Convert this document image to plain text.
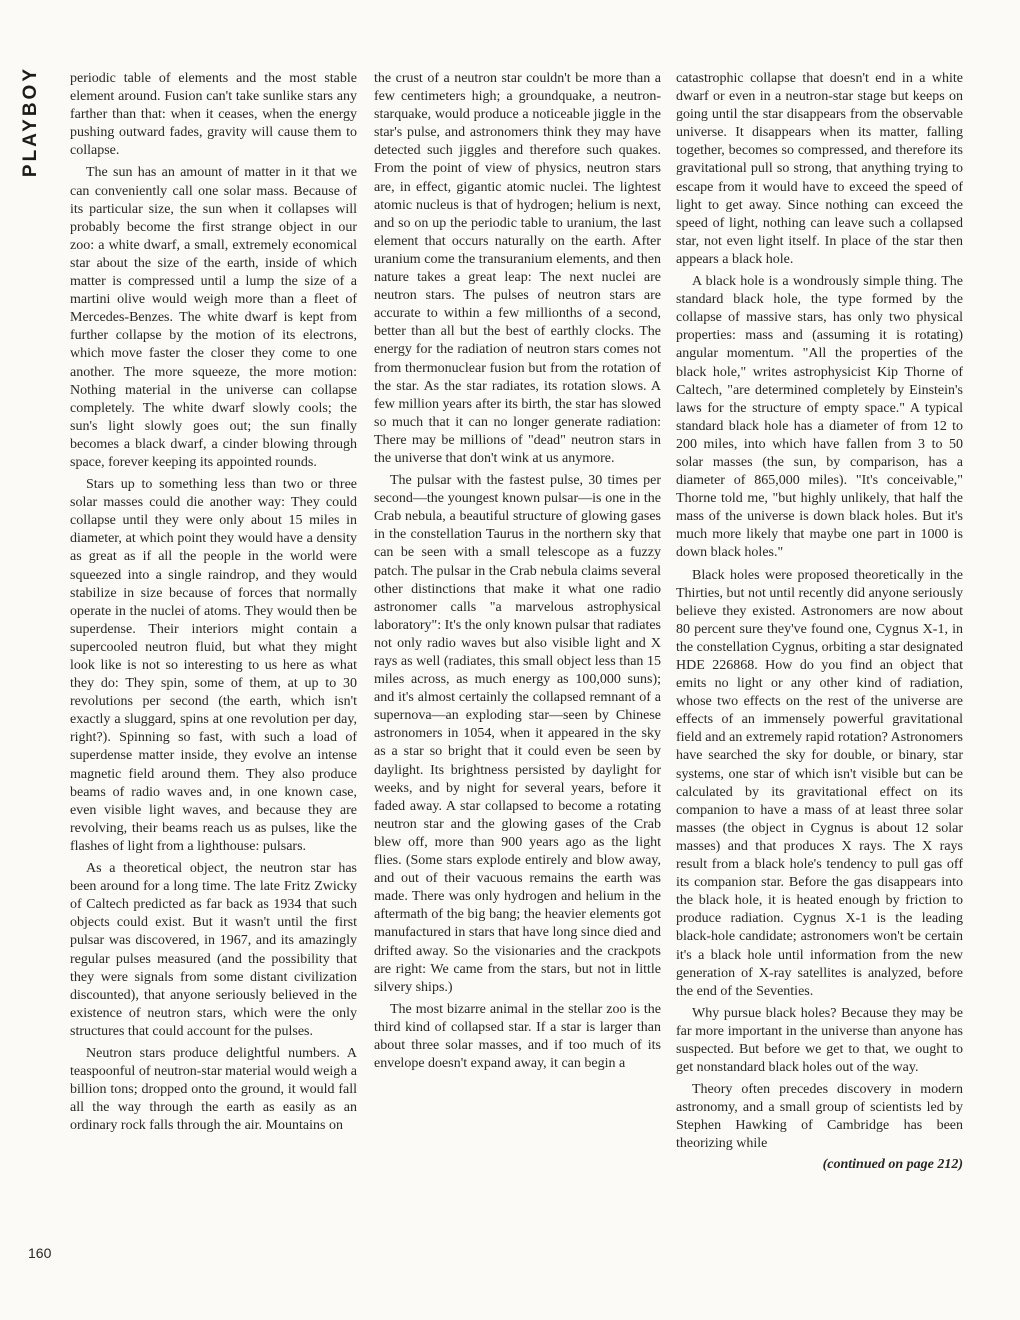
PLAYBOY	periodic table of elements and the most stable element around. Fusion can't take sunlike stars any farther than that: when it ceases, when the energy pushing outward fades, gravity will cause them to collapse.

The sun has an amount of matter in it that we can conveniently call one solar mass. Because of its particular size, the sun when it collapses will probably become the first strange object in our zoo: a white dwarf, a small, extremely economical star about the size of the earth, inside of which matter is compressed until a lump the size of a martini olive would weigh more than a fleet of Mercedes-Benzes. The white dwarf is kept from further collapse by the motion of its electrons, which move faster the closer they come to one another. The more squeeze, the more motion: Nothing material in the universe can collapse completely. The white dwarf slowly cools; the sun's light slowly goes out; the sun finally becomes a black dwarf, a cinder blowing through space, forever keeping its appointed rounds.

Stars up to something less than two or three solar masses could die another way: They could collapse until they were only about 15 miles in diameter, at which point they would have a density as great as if all the people in the world were squeezed into a single raindrop, and they would stabilize in size because of forces that normally operate in the nuclei of atoms. They would then be superdense. Their interiors might contain a supercooled neutron fluid, but what they might look like is not so interesting to us here as what they do: They spin, some of them, at up to 30 revolutions per second (the earth, which isn't exactly a sluggard, spins at one revolution per day, right?). Spinning so fast, with such a load of superdense matter inside, they evolve an intense magnetic field around them. They also produce beams of radio waves and, in one known case, even visible light waves, and because they are revolving, their beams reach us as pulses, like the flashes of light from a lighthouse: pulsars.

As a theoretical object, the neutron star has been around for a long time. The late Fritz Zwicky of Caltech predicted as far back as 1934 that such objects could exist. But it wasn't until the first pulsar was discovered, in 1967, and its amazingly regular pulses measured (and the possibility that they were signals from some distant civilization discounted), that anyone seriously believed in the existence of neutron stars, which were the only structures that could account for the pulses.

Neutron stars produce delightful numbers. A teaspoonful of neutron-star material would weigh a billion tons; dropped onto the ground, it would fall all the way through the earth as easily as an ordinary rock falls through the air. Mountains on

the crust of a neutron star couldn't be more than a few centimeters high; a groundquake, a neutron-starquake, would produce a noticeable jiggle in the star's pulse, and astronomers think they may have detected such jiggles and therefore such quakes. From the point of view of physics, neutron stars are, in effect, gigantic atomic nuclei. The lightest atomic nucleus is that of hydrogen; helium is next, and so on up the periodic table to uranium, the last element that occurs naturally on the earth. After uranium come the transuranium elements, and then nature takes a great leap: The next nuclei are neutron stars. The pulses of neutron stars are accurate to within a few millionths of a second, better than all but the best of earthly clocks. The energy for the radiation of neutron stars comes not from thermonuclear fusion but from the rotation of the star. As the star radiates, its rotation slows. A few million years after its birth, the star has slowed so much that it can no longer generate radiation: There may be millions of "dead" neutron stars in the universe that don't wink at us anymore.

The pulsar with the fastest pulse, 30 times per second—the youngest known pulsar—is one in the Crab nebula, a beautiful structure of glowing gases in the constellation Taurus in the northern sky that can be seen with a small telescope as a fuzzy patch. The pulsar in the Crab nebula claims several other distinctions that make it what one radio astronomer calls "a marvelous astrophysical laboratory": It's the only known pulsar that radiates not only radio waves but also visible light and X rays as well (radiates, this small object less than 15 miles across, as much energy as 100,000 suns); and it's almost certainly the collapsed remnant of a supernova—an exploding star—seen by Chinese astronomers in 1054, when it appeared in the sky as a star so bright that it could even be seen by daylight. Its brightness persisted by daylight for weeks, and by night for several years, before it faded away. A star collapsed to become a rotating neutron star and the glowing gases of the Crab blew off, more than 900 years ago as the light flies. (Some stars explode entirely and blow away, and out of their vacuous remains the earth was made. There was only hydrogen and helium in the aftermath of the big bang; the heavier elements got manufactured in stars that have long since died and drifted away. So the visionaries and the crackpots are right: We came from the stars, but not in little silvery ships.)

The most bizarre animal in the stellar zoo is the third kind of collapsed star. If a star is larger than about three solar masses, and if too much of its envelope doesn't expand away, it can begin a

catastrophic collapse that doesn't end in a white dwarf or even in a neutron-star stage but keeps on going until the star disappears from the observable universe. It disappears when its matter, falling together, becomes so compressed, and therefore its gravitational pull so strong, that anything trying to escape from it would have to exceed the speed of light to get away. Since nothing can exceed the speed of light, nothing can leave such a collapsed star, not even light itself. In place of the star then appears a black hole.

A black hole is a wondrously simple thing. The standard black hole, the type formed by the collapse of massive stars, has only two physical properties: mass and (assuming it is rotating) angular momentum. "All the properties of the black hole," writes astrophysicist Kip Thorne of Caltech, "are determined completely by Einstein's laws for the structure of empty space." A typical standard black hole has a diameter of from 12 to 200 miles, into which have fallen from 3 to 50 solar masses (the sun, by comparison, has a diameter of 865,000 miles). "It's conceivable," Thorne told me, "but highly unlikely, that half the mass of the universe is down black holes. But it's much more likely that maybe one part in 1000 is down black holes."

Black holes were proposed theoretically in the Thirties, but not until recently did anyone seriously believe they existed. Astronomers are now about 80 percent sure they've found one, Cygnus X-1, in the constellation Cygnus, orbiting a star designated HDE 226868. How do you find an object that emits no light or any other kind of radiation, whose two effects on the rest of the universe are effects of an immensely powerful gravitational field and an extremely rapid rotation? Astronomers have searched the sky for double, or binary, star systems, one star of which isn't visible but can be calculated by its gravitational effect on its companion to have a mass of at least three solar masses (the object in Cygnus is about 12 solar masses) and that produces X rays. The X rays result from a black hole's tendency to pull gas off its companion star. Before the gas disappears into the black hole, it is heated enough by friction to produce radiation. Cygnus X-1 is the leading black-hole candidate; astronomers won't be certain it's a black hole until information from the new generation of X-ray satellites is analyzed, before the end of the Seventies.

Why pursue black holes? Because they may be far more important in the universe than anyone has suspected. But before we get to that, we ought to get nonstandard black holes out of the way.

Theory often precedes discovery in modern astronomy, and a small group of scientists led by Stephen Hawking of Cambridge has been theorizing while

(continued on page 212)
160
